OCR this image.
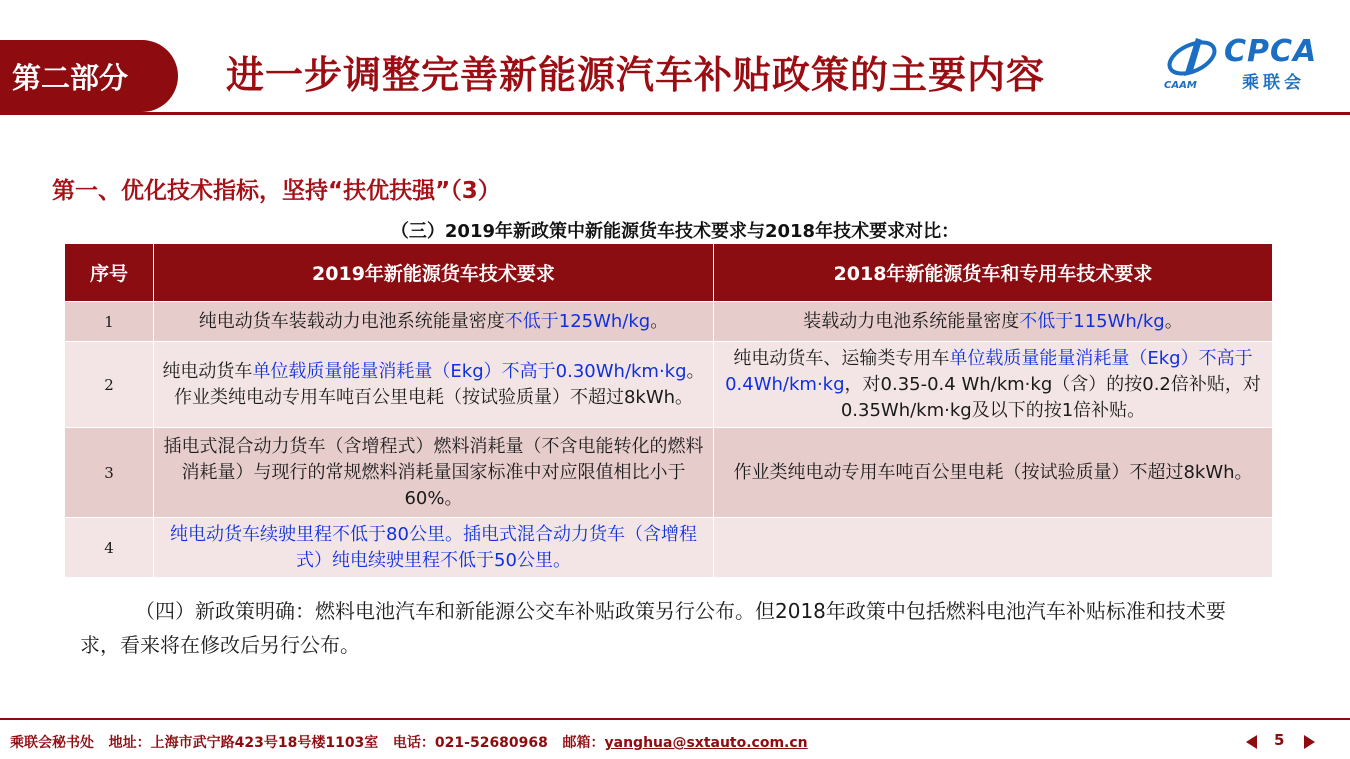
第二部分	进一步调整完善新能源汽车补贴政策的主要内容	CAAM
CPCA
乘联会
第一、优化技术指标，坚持“扶优扶强”（3）
（三）2019年新政策中新能源货车技术要求与2018年技术要求对比：
序号	2019年新能源货车技术要求	2018年新能源货车和专用车技术要求
1	纯电动货车装载动力电池系统能量密度不低于125Wh/kg。	装载动力电池系统能量密度不低于115Wh/kg。
2	纯电动货车单位载质量能量消耗量（Ekg）不高于0.30Wh/km·kg。作业类纯电动专用车吨百公里电耗（按试验质量）不超过8kWh。	纯电动货车、运输类专用车单位载质量能量消耗量（Ekg）不高于0.4Wh/km·kg，对0.35-0.4 Wh/km·kg（含）的按0.2倍补贴，对0.35Wh/km·kg及以下的按1倍补贴。
3	插电式混合动力货车（含增程式）燃料消耗量（不含电能转化的燃料消耗量）与现行的常规燃料消耗量国家标准中对应限值相比小于60%。	作业类纯电动专用车吨百公里电耗（按试验质量）不超过8kWh。
4	纯电动货车续驶里程不低于80公里。插电式混合动力货车（含增程式）纯电续驶里程不低于50公里。	
（四）新政策明确：燃料电池汽车和新能源公交车补贴政策另行公布。但2018年政策中包括燃料电池汽车补贴标准和技术要求，看来将在修改后另行公布。
乘联会秘书处 地址：上海市武宁路423号18号楼1103室 电话：021-52680968 邮箱：yanghua@sxtauto.com.cn	5
